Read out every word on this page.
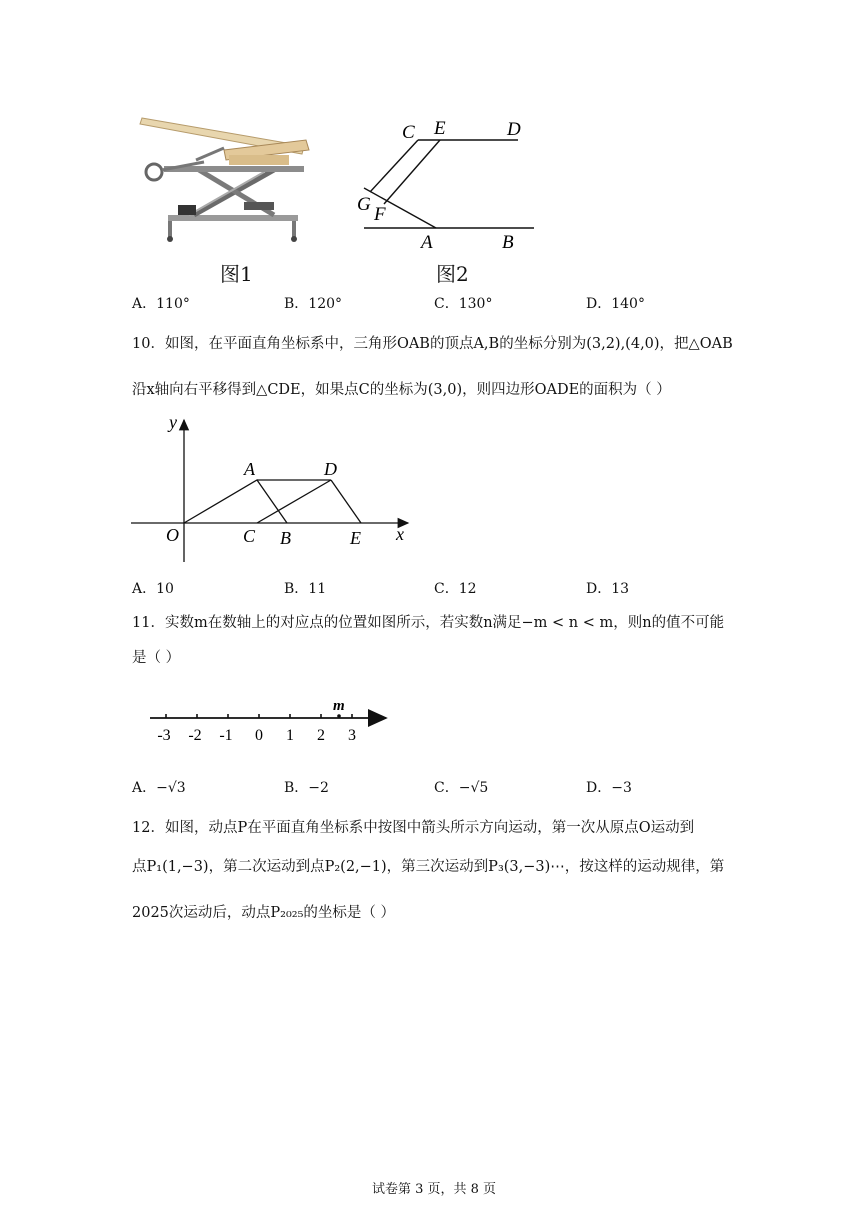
图1
C E	D
G F
A	B
图2
A．110°	B．120°	C．130°	D．140°
10．如图，在平面直角坐标系中，三角形OAB的顶点A,B的坐标分别为(3,2),(4,0)，把△OAB
沿x轴向右平移得到△CDE，如果点C的坐标为(3,0)，则四边形OADE的面积为（ ）
y
x
O
A	D
C B	E
A．10	B．11	C．12	D．13
11．实数m在数轴上的对应点的位置如图所示，若实数n满足−m < n < m，则n的值不可能
是（ ）
m
-3 -2 -1 0 1 2 3
A．−√3	B．−2	C．−√5	D．−3
12．如图，动点P在平面直角坐标系中按图中箭头所示方向运动，第一次从原点O运动到
点P₁(1,−3)，第二次运动到点P₂(2,−1)，第三次运动到P₃(3,−3)⋯，按这样的运动规律，第
2025次运动后，动点P₂₀₂₅的坐标是（ ）
试卷第 3 页，共 8 页
